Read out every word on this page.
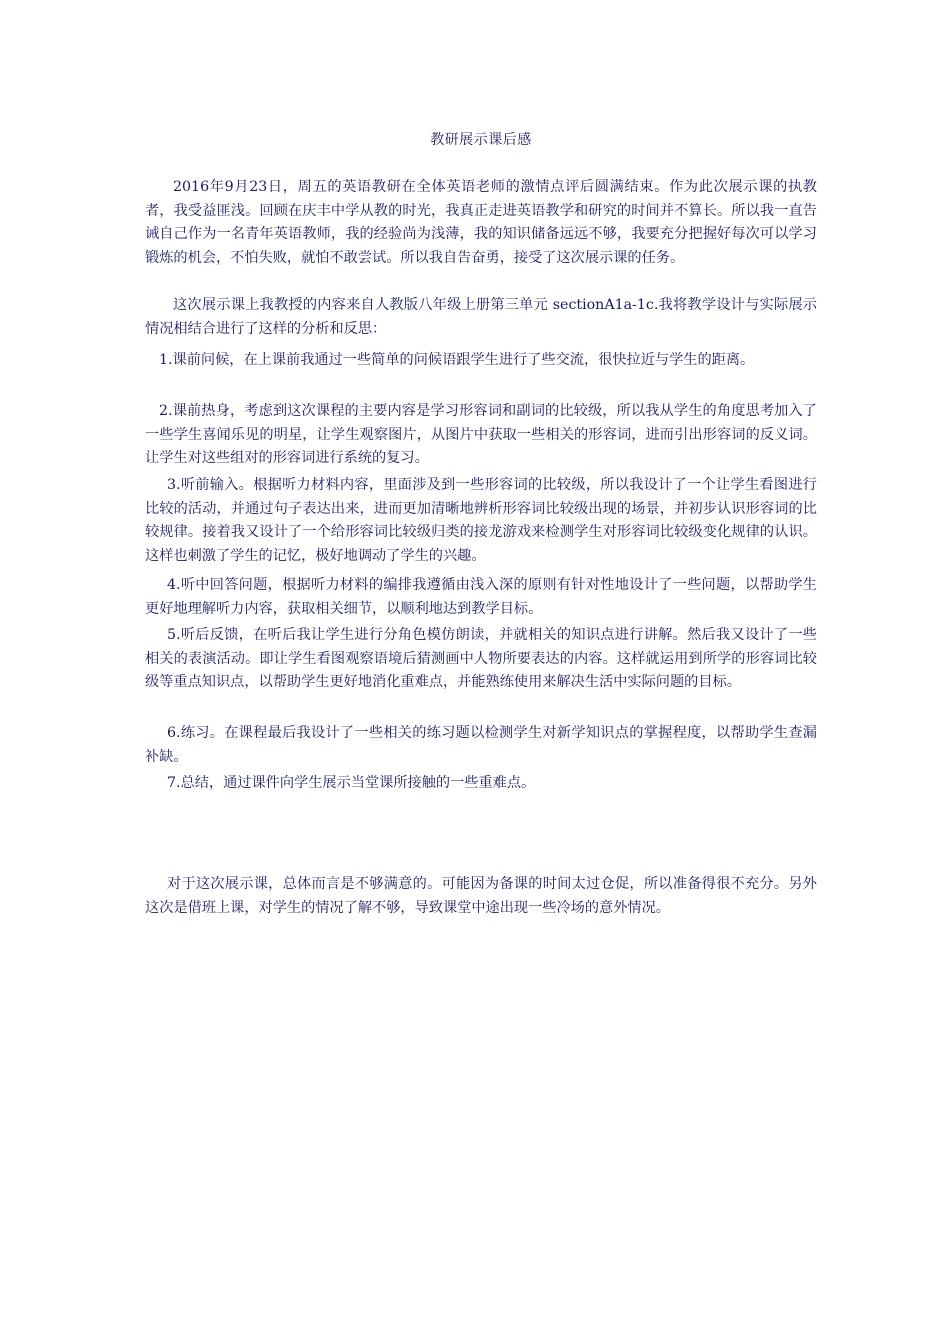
教研展示课后感

2016年9月23日，周五的英语教研在全体英语老师的激情点评后圆满结束。作为此次展示课的执教者，我受益匪浅。回顾在庆丰中学从教的时光，我真正走进英语教学和研究的时间并不算长。所以我一直告诫自己作为一名青年英语教师，我的经验尚为浅薄，我的知识储备远远不够，我要充分把握好每次可以学习锻炼的机会，不怕失败，就怕不敢尝试。所以我自告奋勇，接受了这次展示课的任务。

这次展示课上我教授的内容来自人教版八年级上册第三单元 sectionA1a-1c.我将教学设计与实际展示情况相结合进行了这样的分析和反思：

1.课前问候，在上课前我通过一些简单的问候语跟学生进行了些交流，很快拉近与学生的距离。

2.课前热身，考虑到这次课程的主要内容是学习形容词和副词的比较级，所以我从学生的角度思考加入了一些学生喜闻乐见的明星，让学生观察图片，从图片中获取一些相关的形容词，进而引出形容词的反义词。让学生对这些组对的形容词进行系统的复习。

3.听前输入。根据听力材料内容，里面涉及到一些形容词的比较级，所以我设计了一个让学生看图进行比较的活动，并通过句子表达出来，进而更加清晰地辨析形容词比较级出现的场景，并初步认识形容词的比较规律。接着我又设计了一个给形容词比较级归类的接龙游戏来检测学生对形容词比较级变化规律的认识。这样也刺激了学生的记忆，极好地调动了学生的兴趣。

4.听中回答问题，根据听力材料的编排我遵循由浅入深的原则有针对性地设计了一些问题，以帮助学生更好地理解听力内容，获取相关细节，以顺利地达到教学目标。

5.听后反馈，在听后我让学生进行分角色模仿朗读，并就相关的知识点进行讲解。然后我又设计了一些相关的表演活动。即让学生看图观察语境后猜测画中人物所要表达的内容。这样就运用到所学的形容词比较级等重点知识点，以帮助学生更好地消化重难点，并能熟练使用来解决生活中实际问题的目标。

6.练习。在课程最后我设计了一些相关的练习题以检测学生对新学知识点的掌握程度，以帮助学生查漏补缺。

7.总结，通过课件向学生展示当堂课所接触的一些重难点。

对于这次展示课，总体而言是不够满意的。可能因为备课的时间太过仓促，所以准备得很不充分。另外这次是借班上课，对学生的情况了解不够，导致课堂中途出现一些冷场的意外情况。
